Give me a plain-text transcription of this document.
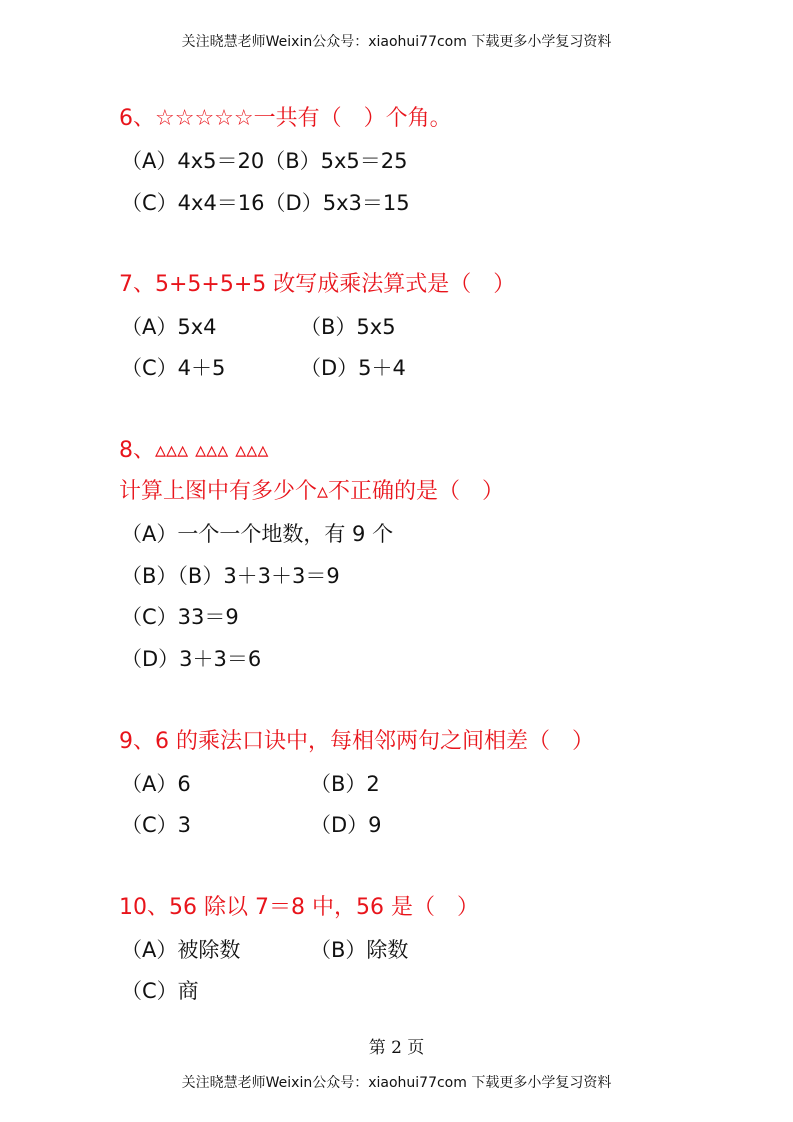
关注晓慧老师Weixin公众号：xiaohui77com 下载更多小学复习资料
6、☆☆☆☆☆一共有（　）个角。
（A）4x5＝20（B）5x5＝25
（C）4x4＝16（D）5x3＝15
7、5+5+5+5 改写成乘法算式是（　）
（A）5x4	（B）5x5
（C）4＋5	（D）5＋4
8、▵▵▵ ▵▵▵ ▵▵▵
计算上图中有多少个▵不正确的是（　）
（A）一个一个地数，有 9 个
（B）（B）3＋3＋3＝9
（C）33＝9
（D）3＋3＝6
9、6 的乘法口诀中，每相邻两句之间相差（　）
（A）6	（B）2
（C）3	（D）9
10、56 除以 7＝8 中，56 是（　）
（A）被除数	（B）除数
（C）商
第 2 页
关注晓慧老师Weixin公众号：xiaohui77com 下载更多小学复习资料
